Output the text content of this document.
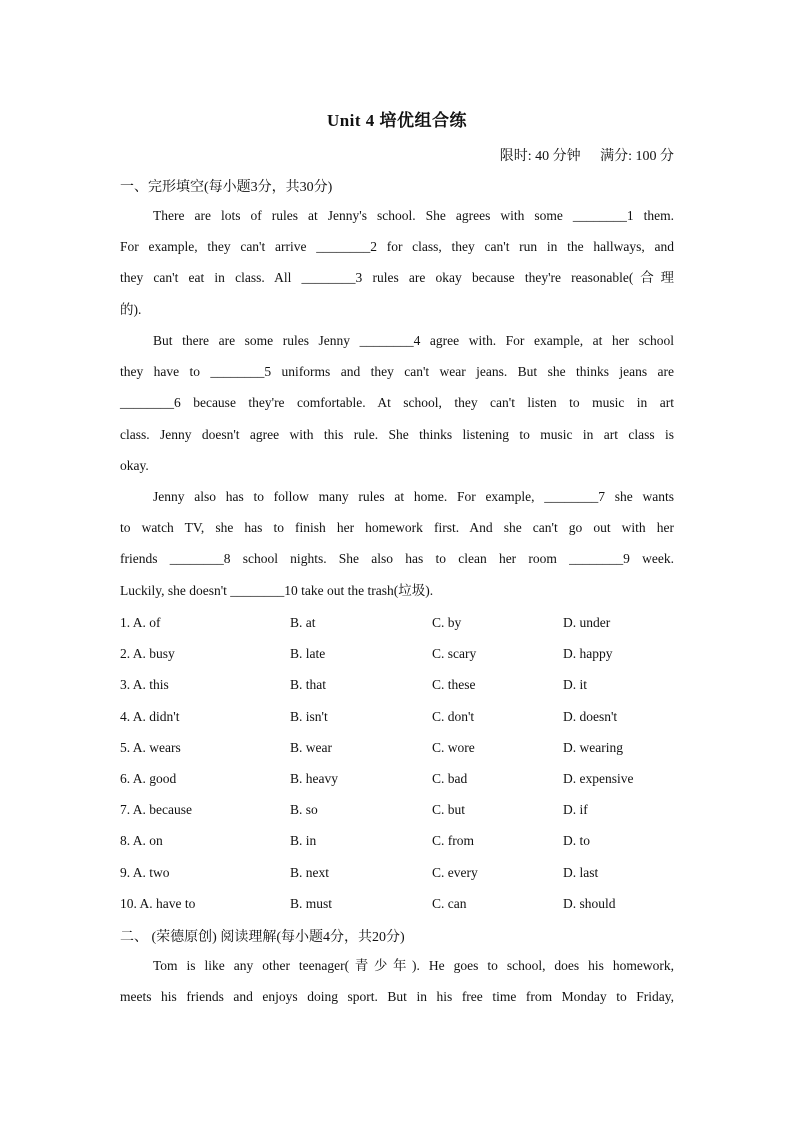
Unit 4 培优组合练
限时: 40 分钟 满分: 100 分
一、完形填空(每小题3分，共30分)
There are lots of rules at Jenny's school. She agrees with some ________1 them.
For example, they can't arrive ________2 for class, they can't run in the hallways, and
they can't eat in class. All ________3 rules are okay because they're reasonable(合理
的).
But there are some rules Jenny ________4 agree with. For example, at her school
they have to ________5 uniforms and they can't wear jeans. But she thinks jeans are
________6 because they're comfortable. At school, they can't listen to music in art
class. Jenny doesn't agree with this rule. She thinks listening to music in art class is
okay.
Jenny also has to follow many rules at home. For example, ________7 she wants
to watch TV, she has to finish her homework first. And she can't go out with her
friends ________8 school nights. She also has to clean her room ________9 week.
Luckily, she doesn't ________10 take out the trash(垃圾).
1. A. of	B. at	C. by	D. under
2. A. busy	B. late	C. scary	D. happy
3. A. this	B. that	C. these	D. it
4. A. didn't	B. isn't	C. don't	D. doesn't
5. A. wears	B. wear	C. wore	D. wearing
6. A. good	B. heavy	C. bad	D. expensive
7. A. because	B. so	C. but	D. if
8. A. on	B. in	C. from	D. to
9. A. two	B. next	C. every	D. last
10. A. have to	B. must	C. can	D. should
二、 (荣德原创) 阅读理解(每小题4分，共20分)
Tom is like any other teenager(青少年). He goes to school, does his homework,
meets his friends and enjoys doing sport. But in his free time from Monday to Friday,
